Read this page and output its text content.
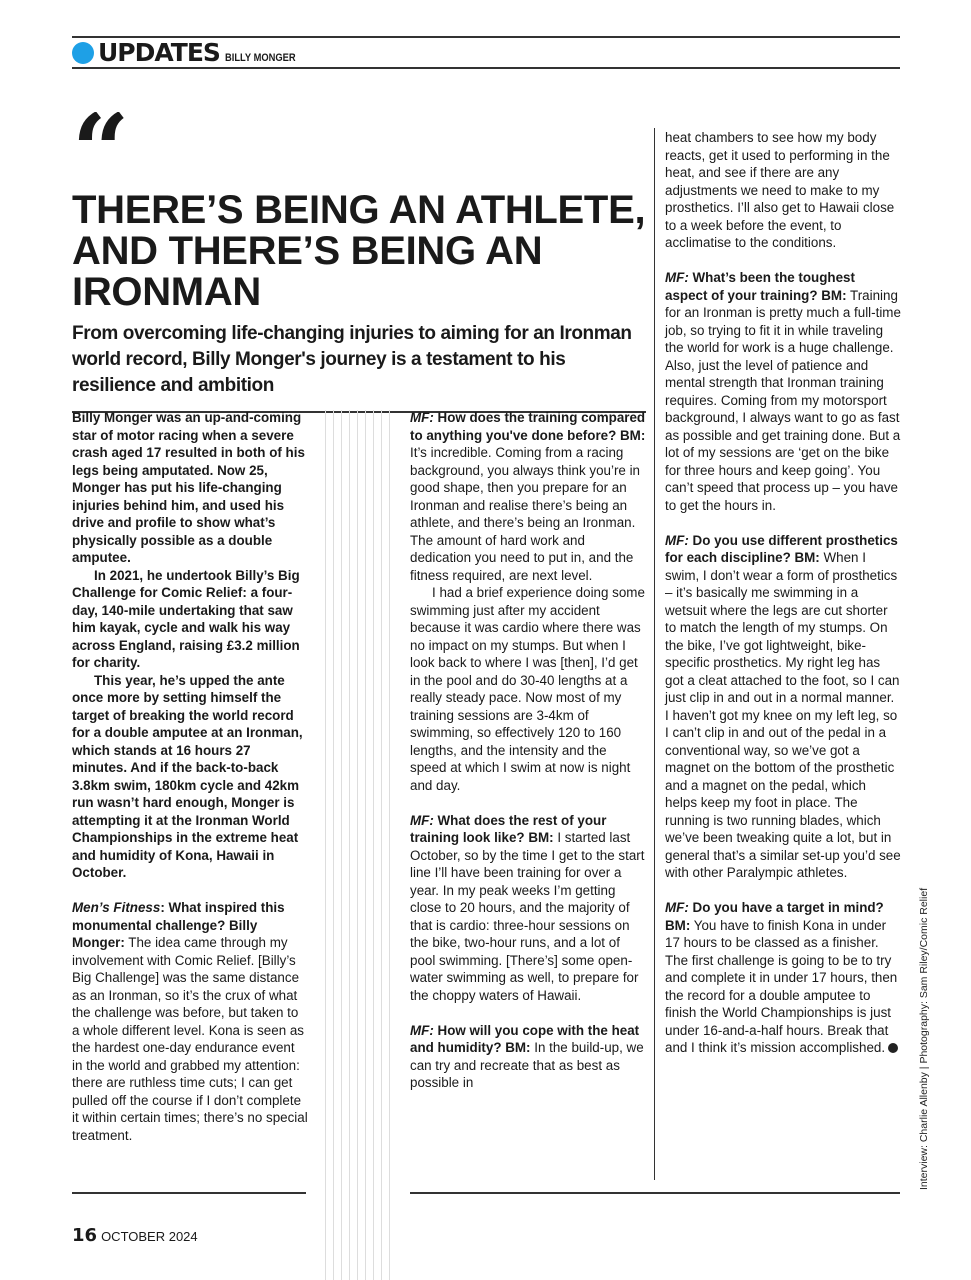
UPDATES BILLY MONGER
“
THERE’S BEING AN ATHLETE, AND THERE’S BEING AN IRONMAN

From overcoming life-changing injuries to aiming for an Ironman world record, Billy Monger's journey is a testament to his resilience and ambition

Billy Monger was an up-and-coming star of motor racing when a severe crash aged 17 resulted in both of his legs being amputated. Now 25, Monger has put his life-changing injuries behind him, and used his drive and profile to show what’s physically possible as a double amputee.

In 2021, he undertook Billy’s Big Challenge for Comic Relief: a four-day, 140-mile undertaking that saw him kayak, cycle and walk his way across England, raising £3.2 million for charity.

This year, he’s upped the ante once more by setting himself the target of breaking the world record for a double amputee at an Ironman, which stands at 16 hours 27 minutes. And if the back-to-back 3.8km swim, 180km cycle and 42km run wasn’t hard enough, Monger is attempting it at the Ironman World Championships in the extreme heat and humidity of Kona, Hawaii in October.

Men’s Fitness: What inspired this monumental challenge? Billy Monger: The idea came through my involvement with Comic Relief. [Billy’s Big Challenge] was the same distance as an Ironman, so it’s the crux of what the challenge was before, but taken to a whole different level. Kona is seen as the hardest one-day endurance event in the world and grabbed my attention: there are ruthless time cuts; I can get pulled off the course if I don’t complete it within certain times; there’s no special treatment.

MF: How does the training compared to anything you've done before? BM: It’s incredible. Coming from a racing background, you always think you’re in good shape, then you prepare for an Ironman and realise there’s being an athlete, and there’s being an Ironman. The amount of hard work and dedication you need to put in, and the fitness required, are next level.

I had a brief experience doing some swimming just after my accident because it was cardio where there was no impact on my stumps. But when I look back to where I was [then], I’d get in the pool and do 30-40 lengths at a really steady pace. Now most of my training sessions are 3-4km of swimming, so effectively 120 to 160 lengths, and the intensity and the speed at which I swim at now is night and day.

MF: What does the rest of your training look like? BM: I started last October, so by the time I get to the start line I’ll have been training for over a year. In my peak weeks I’m getting close to 20 hours, and the majority of that is cardio: three-hour sessions on the bike, two-hour runs, and a lot of pool swimming. [There’s] some open-water swimming as well, to prepare for the choppy waters of Hawaii.

MF: How will you cope with the heat and humidity? BM: In the build-up, we can try and recreate that as best as possible in

heat chambers to see how my body reacts, get it used to performing in the heat, and see if there are any adjustments we need to make to my prosthetics. I’ll also get to Hawaii close to a week before the event, to acclimatise to the conditions.

MF: What’s been the toughest aspect of your training? BM: Training for an Ironman is pretty much a full-time job, so trying to fit it in while traveling the world for work is a huge challenge. Also, just the level of patience and mental strength that Ironman training requires. Coming from my motorsport background, I always want to go as fast as possible and get training done. But a lot of my sessions are ‘get on the bike for three hours and keep going’. You can’t speed that process up – you have to get the hours in.

MF: Do you use different prosthetics for each discipline? BM: When I swim, I don’t wear a form of prosthetics – it’s basically me swimming in a wetsuit where the legs are cut shorter to match the length of my stumps. On the bike, I’ve got lightweight, bike-specific prosthetics. My right leg has got a cleat attached to the foot, so I can just clip in and out in a normal manner. I haven’t got my knee on my left leg, so I can’t clip in and out of the pedal in a conventional way, so we’ve got a magnet on the bottom of the prosthetic and a magnet on the pedal, which helps keep my foot in place. The running is two running blades, which we’ve been tweaking quite a lot, but in general that’s a similar set-up you’d see with other Paralympic athletes.

MF: Do you have a target in mind? BM: You have to finish Kona in under 17 hours to be classed as a finisher. The first challenge is going to be to try and complete it in under 17 hours, then the record for a double amputee to finish the World Championships is just under 16-and-a-half hours. Break that and I think it’s mission accomplished.	Interview: Charlie Allenby | Photography: Sam Riley/Comic Relief
16 OCTOBER 2024
